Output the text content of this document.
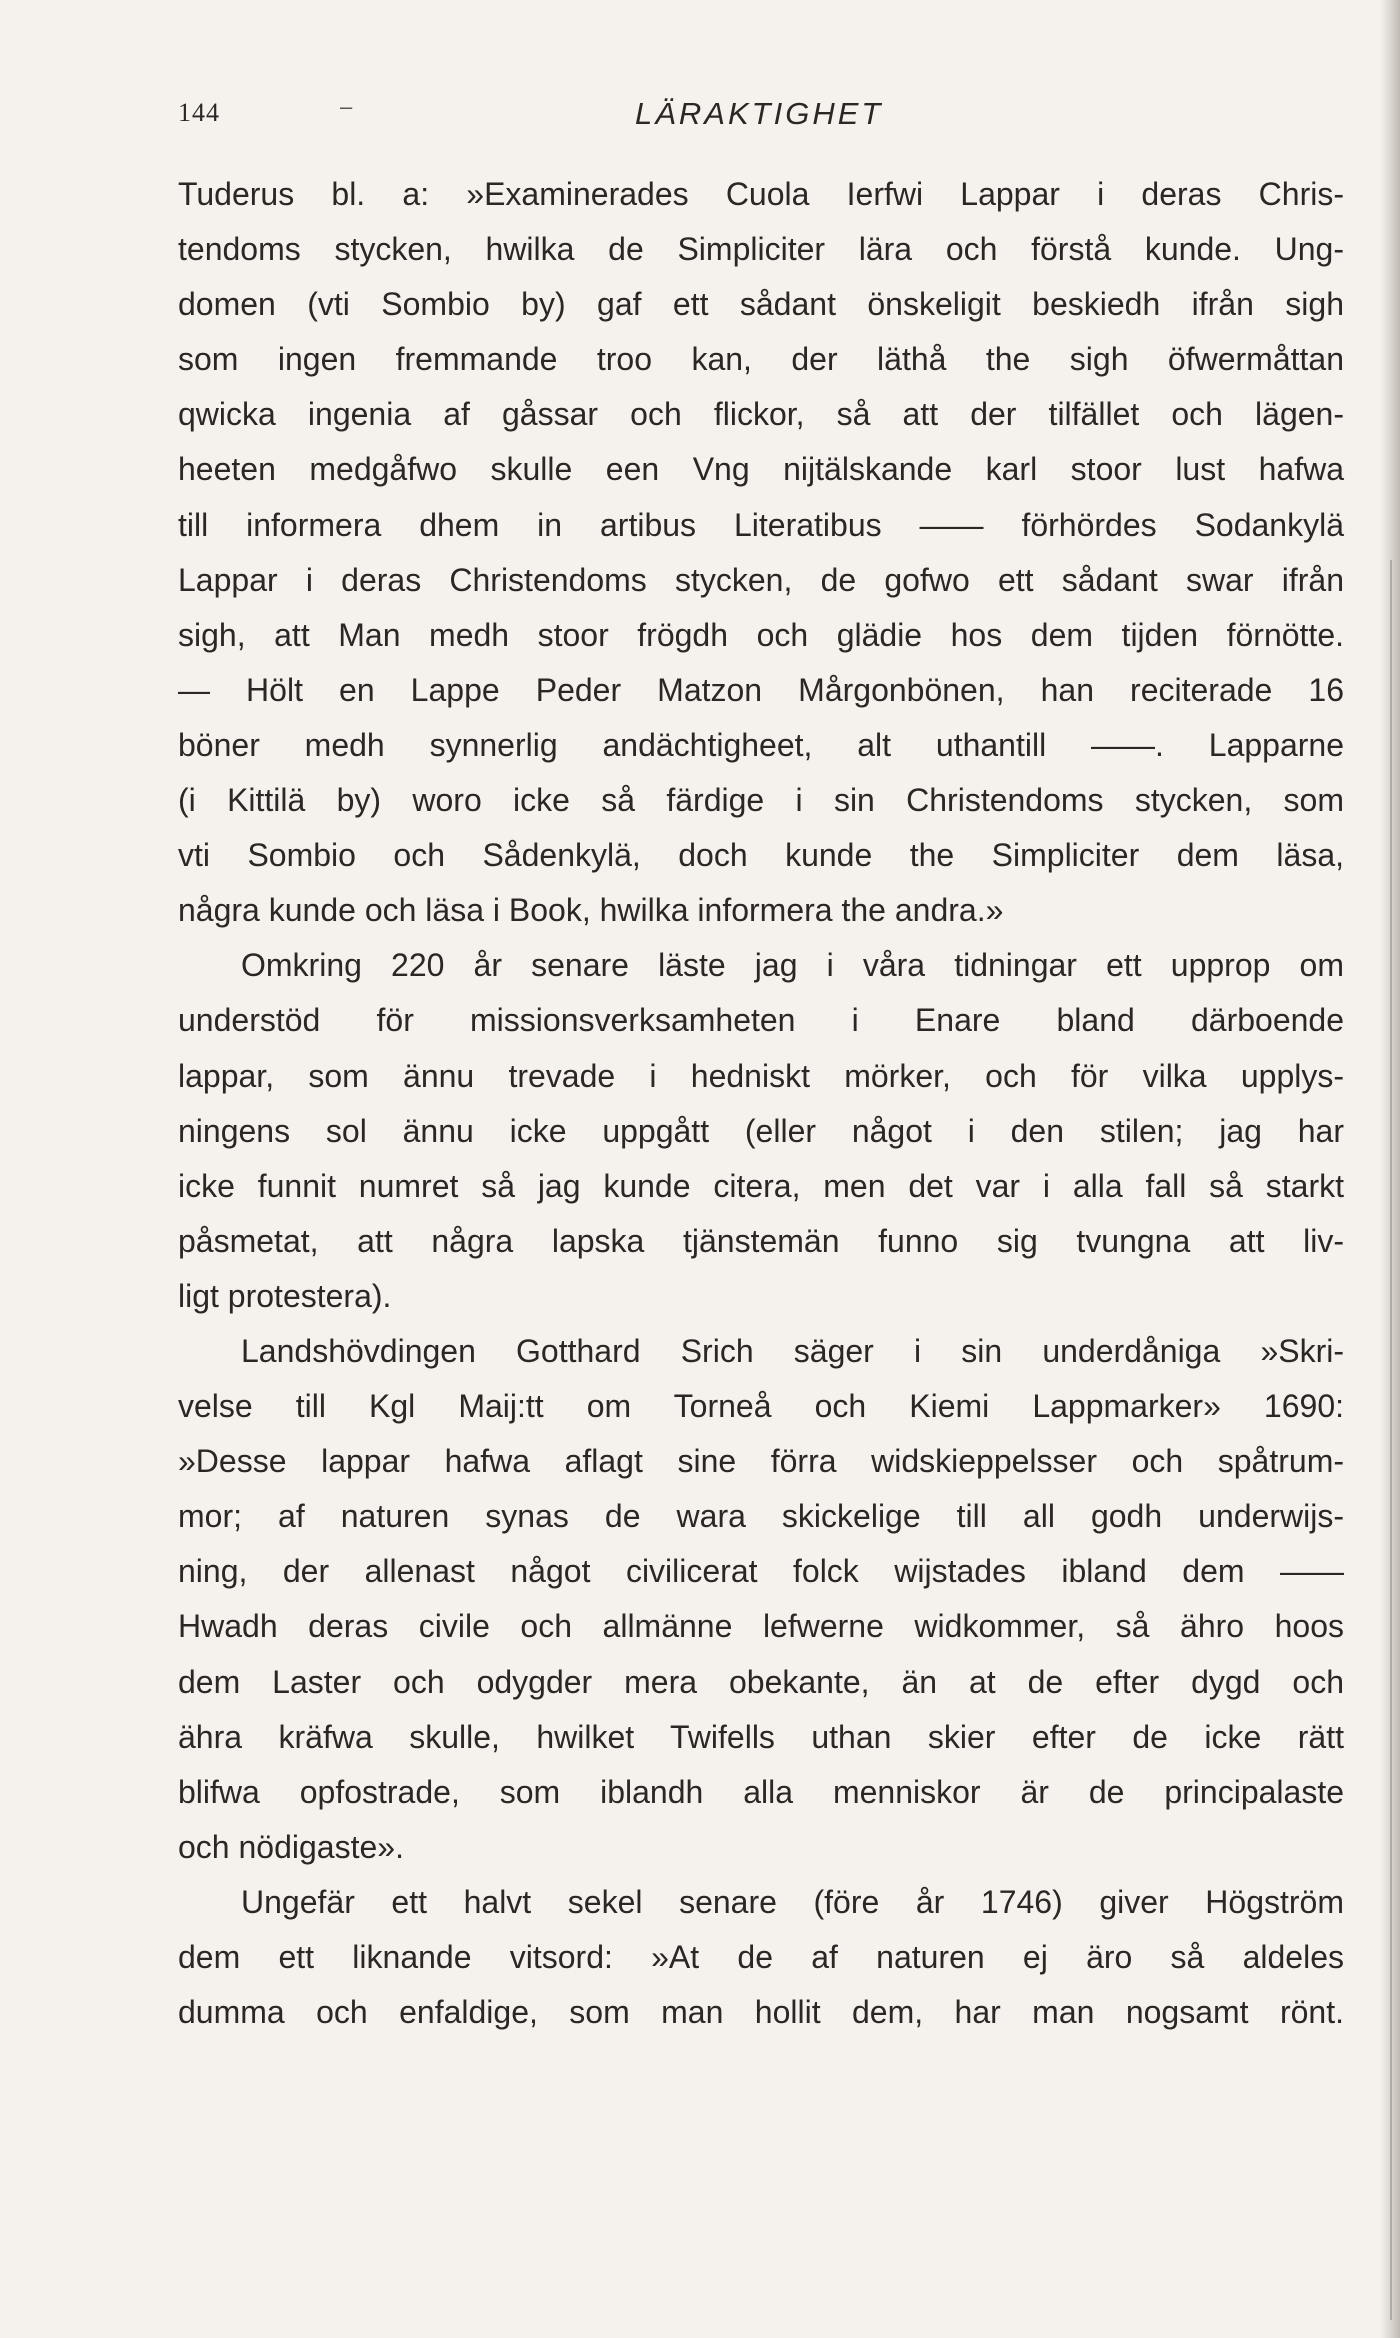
144	–	LÄRAKTIGHET
Tuderus bl. a: »Examinerades Cuola Ierfwi Lappar i deras Chris-
tendoms stycken, hwilka de Simpliciter lära och förstå kunde. Ung-
domen (vti Sombio by) gaf ett sådant önskeligit beskiedh ifrån sigh
som ingen fremmande troo kan, der läthå the sigh öfwermåttan
qwicka ingenia af gåssar och flickor, så att der tilfället och lägen-
heeten medgåfwo skulle een Vng nijtälskande karl stoor lust hafwa
till informera dhem in artibus Literatibus —— förhördes Sodankylä
Lappar i deras Christendoms stycken, de gofwo ett sådant swar ifrån
sigh, att Man medh stoor frögdh och glädie hos dem tijden förnötte.
— Hölt en Lappe Peder Matzon Mårgonbönen, han reciterade 16
böner medh synnerlig andächtigheet, alt uthantill ——. Lapparne
(i Kittilä by) woro icke så färdige i sin Christendoms stycken, som
vti Sombio och Sådenkylä, doch kunde the Simpliciter dem läsa,
några kunde och läsa i Book, hwilka informera the andra.»
Omkring 220 år senare läste jag i våra tidningar ett upprop om
understöd för missionsverksamheten i Enare bland därboende
lappar, som ännu trevade i hedniskt mörker, och för vilka upplys-
ningens sol ännu icke uppgått (eller något i den stilen; jag har
icke funnit numret så jag kunde citera, men det var i alla fall så starkt
påsmetat, att några lapska tjänstemän funno sig tvungna att liv-
ligt protestera).
Landshövdingen Gotthard Srich säger i sin underdåniga »Skri-
velse till Kgl Maij:tt om Torneå och Kiemi Lappmarker» 1690:
»Desse lappar hafwa aflagt sine förra widskieppelsser och spåtrum-
mor; af naturen synas de wara skickelige till all godh underwijs-
ning, der allenast något civilicerat folck wijstades ibland dem ——
Hwadh deras civile och allmänne lefwerne widkommer, så ährо hoos
dem Laster och odygder mera obekante, än at de efter dygd och
ähra kräfwa skulle, hwilket Twifells uthan skier efter de icke rätt
blifwa opfostrade, som iblandh alla menniskor är de principalaste
och nödigaste».
Ungefär ett halvt sekel senare (före år 1746) giver Högström
dem ett liknande vitsord: »At de af naturen ej äro så aldeles
dumma och enfaldige, som man hollit dem, har man nogsamt rönt.
